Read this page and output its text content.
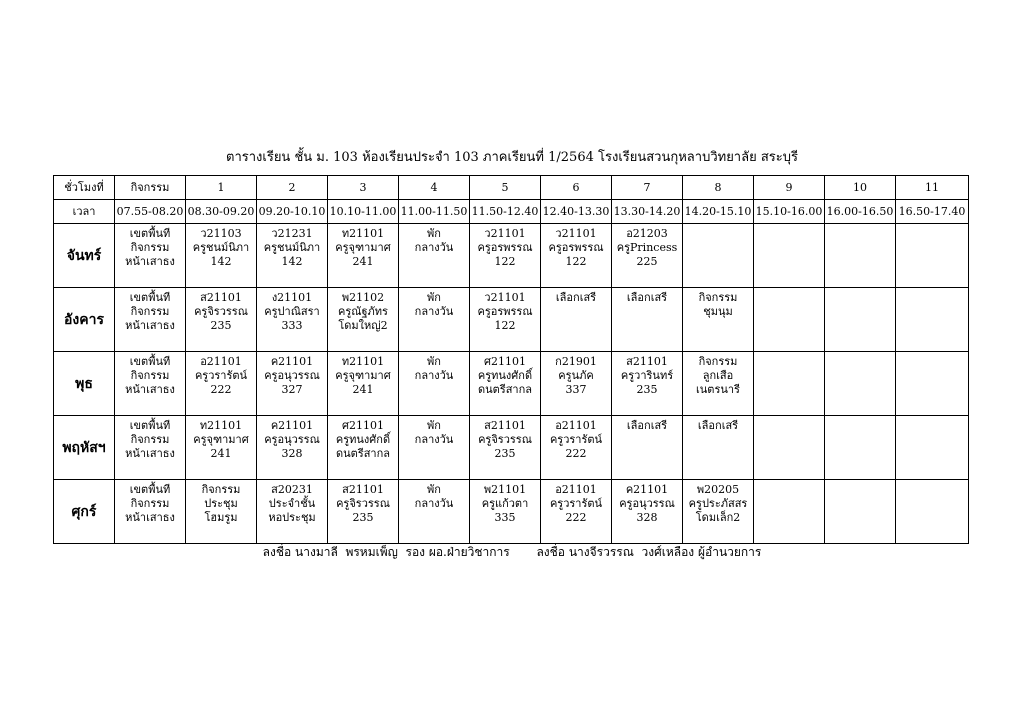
ตารางเรียน ชั้น ม. 103 ห้องเรียนประจำ 103 ภาคเรียนที่ 1/2564 โรงเรียนสวนกุหลาบวิทยาลัย สระบุรี
ชั่วโมงที่	กิจกรรม	1	2	3	4	5	6	7	8	9	10	11
เวลา	07.55-08.20	08.30-09.20	09.20-10.10	10.10-11.00	11.00-11.50	11.50-12.40	12.40-13.30	13.30-14.20	14.20-15.10	15.10-16.00	16.00-16.50	16.50-17.40
จันทร์	เขตพื้นที
กิจกรรม
หน้าเสาธง	ว21103
ครูชนม์นิภา
142	ว21231
ครูชนม์นิภา
142	ท21101
ครูจุฑามาศ
241	พัก
กลางวัน	ว21101
ครูอรพรรณ
122	ว21101
ครูอรพรรณ
122	อ21203
ครูPrincess
225				

อังคาร	เขตพื้นที
กิจกรรม
หน้าเสาธง	ส21101
ครูจิรวรรณ
235	ง21101
ครูปาณิสรา
333	พ21102
ครูณัฐภัทร
โดมใหญ่2	พัก
กลางวัน	ว21101
ครูอรพรรณ
122	เลือกเสรี	เลือกเสรี	กิจกรรม
ชุมนุม			

พุธ	เขตพื้นที
กิจกรรม
หน้าเสาธง	อ21101
ครูวรารัตน์
222	ค21101
ครูอนุวรรณ
327	ท21101
ครูจุฑามาศ
241	พัก
กลางวัน	ศ21101
ครูทนงศักดิ์
ดนตรีสากล	ก21901
ครูนภัค
337	ส21101
ครูวารินทร์
235	กิจกรรม
ลูกเสือ
เนตรนารี			

พฤหัสฯ	เขตพื้นที
กิจกรรม
หน้าเสาธง	ท21101
ครูจุฑามาศ
241	ค21101
ครูอนุวรรณ
328	ศ21101
ครูทนงศักดิ์
ดนตรีสากล	พัก
กลางวัน	ส21101
ครูจิรวรรณ
235	อ21101
ครูวรารัตน์
222	เลือกเสรี	เลือกเสรี			

ศุกร์	เขตพื้นที
กิจกรรม
หน้าเสาธง	กิจกรรม
ประชุม
โฮมรูม	ส20231
ประจำชั้น
หอประชุม	ส21101
ครูจิรวรรณ
235	พัก
กลางวัน	พ21101
ครูแก้วตา
335	อ21101
ครูวรารัตน์
222	ค21101
ครูอนุวรรณ
328	พ20205
ครูประภัสสร
โดมเล็ก2			

ลงชื่อ นางมาลี  พรหมเพ็ญ  รอง ผอ.ฝ่ายวิชาการ ลงชื่อ นางจีรวรรณ  วงศ์เหลือง ผู้อำนวยการ
